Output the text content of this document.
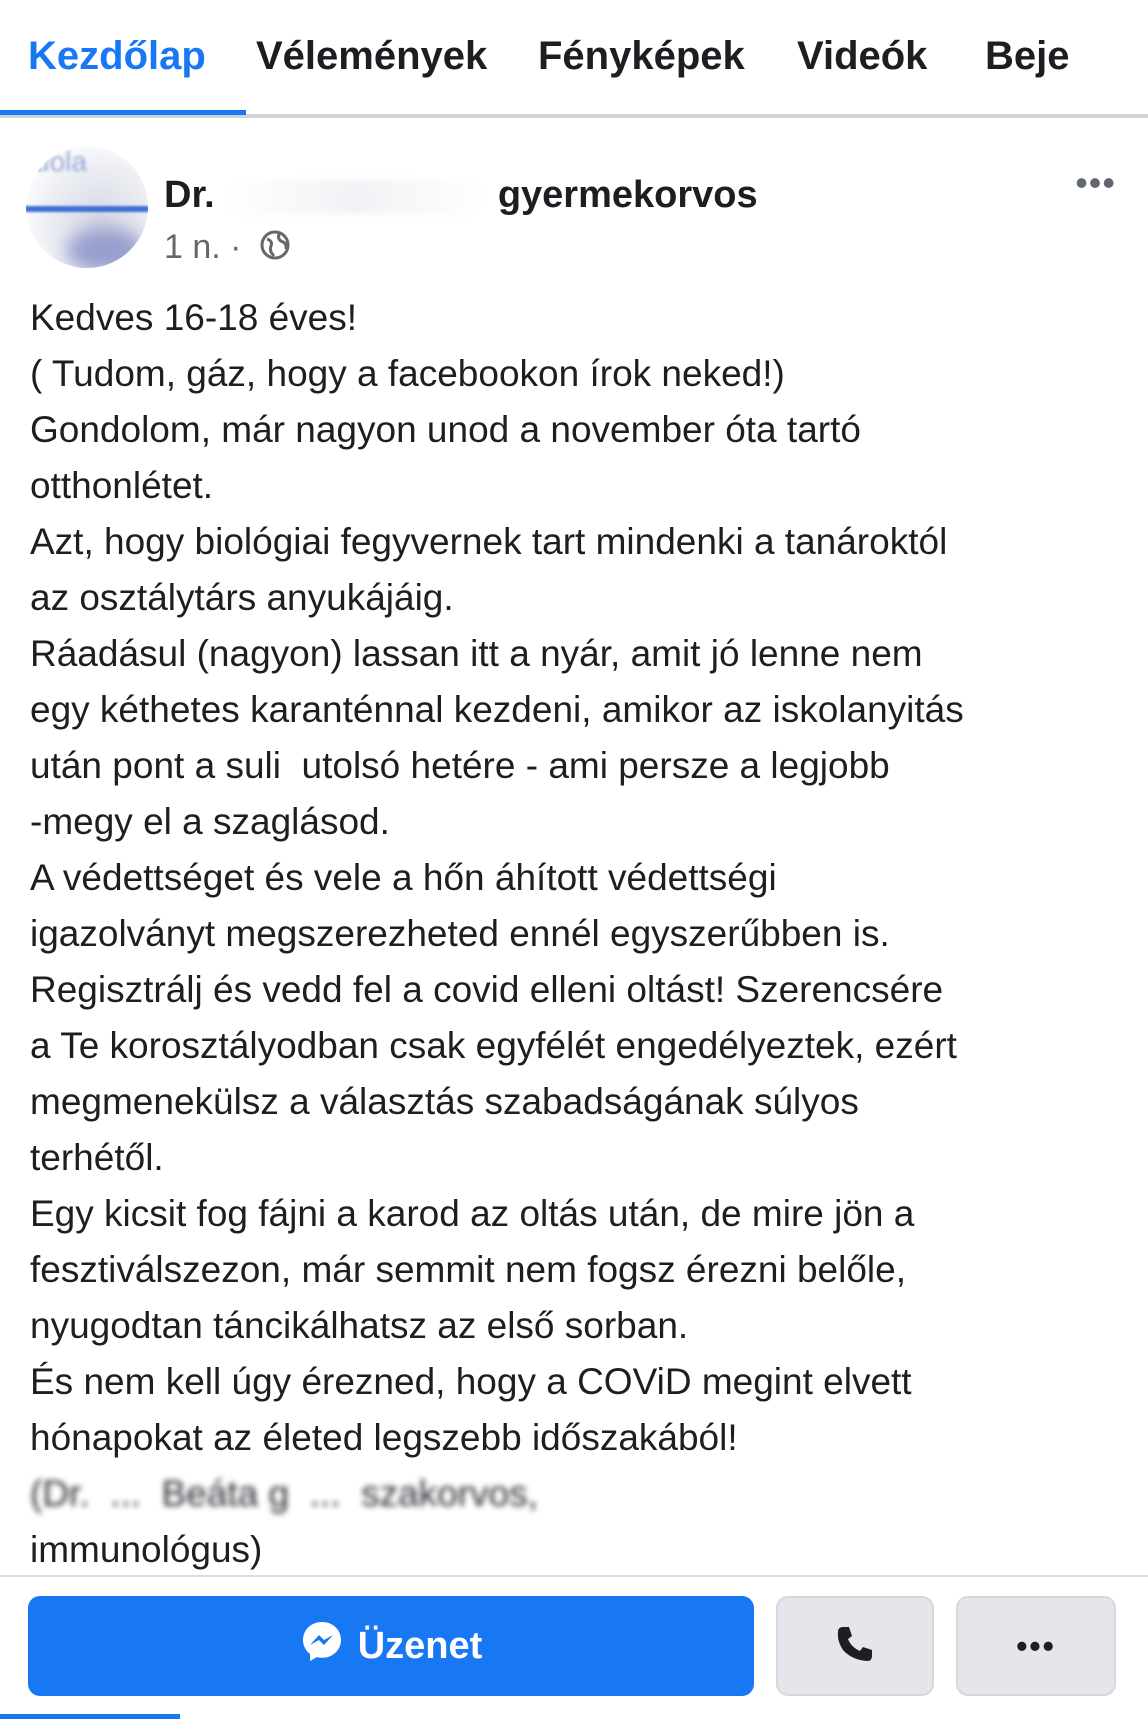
Kezdőlap Vélemények Fényképek Videók Beje
uola
Dr.	gyermekorvos
1 n. ·
•••
Kedves 16-18 éves!
( Tudom, gáz, hogy a facebookon írok neked!)
Gondolom, már nagyon unod a november óta tartó
otthonlétet.
Azt, hogy biológiai fegyvernek tart mindenki a tanároktól
az osztálytárs anyukájáig.
Ráadásul (nagyon) lassan itt a nyár, amit jó lenne nem
egy kéthetes karanténnal kezdeni, amikor az iskolanyitás
után pont a suli  utolsó hetére - ami persze a legjobb
-megy el a szaglásod.
A védettséget és vele a hőn áhított védettségi
igazolványt megszerezheted ennél egyszerűbben is.
Regisztrálj és vedd fel a covid elleni oltást! Szerencsére
a Te korosztályodban csak egyfélét engedélyeztek, ezért
megmenekülsz a választás szabadságának súlyos
terhétől.
Egy kicsit fog fájni a karod az oltás után, de mire jön a
fesztiválszezon, már semmit nem fogsz érezni belőle,
nyugodtan táncikálhatsz az első sorban.
És nem kell úgy érezned, hogy a COViD megint elvett
hónapokat az életed legszebb időszakából!
(Dr.  ...  Beáta g  ...  szakorvos,
immunológus)
Üzenet	•••
